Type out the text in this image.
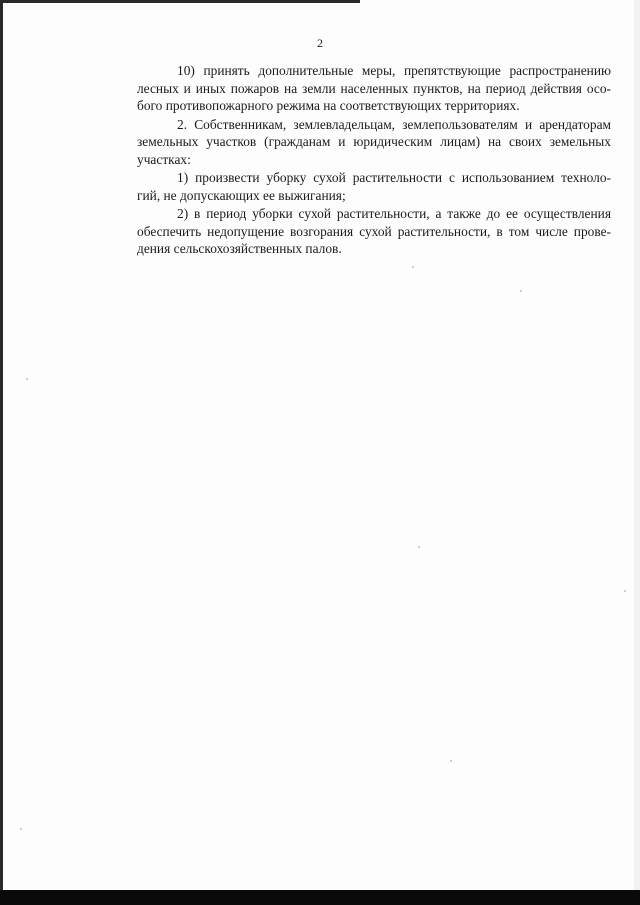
2
10) принять дополнительные меры, препятствующие распространению
лесных и иных пожаров на земли населенных пунктов, на период действия осо-
бого противопожарного режима на соответствующих территориях.
2. Собственникам, землевладельцам, землепользователям и арендаторам
земельных участков (гражданам и юридическим лицам) на своих земельных
участках:
1) произвести уборку сухой растительности с использованием техноло-
гий, не допускающих ее выжигания;
2) в период уборки сухой растительности, а также до ее осуществления
обеспечить недопущение возгорания сухой растительности, в том числе прове-
дения сельскохозяйственных палов.
